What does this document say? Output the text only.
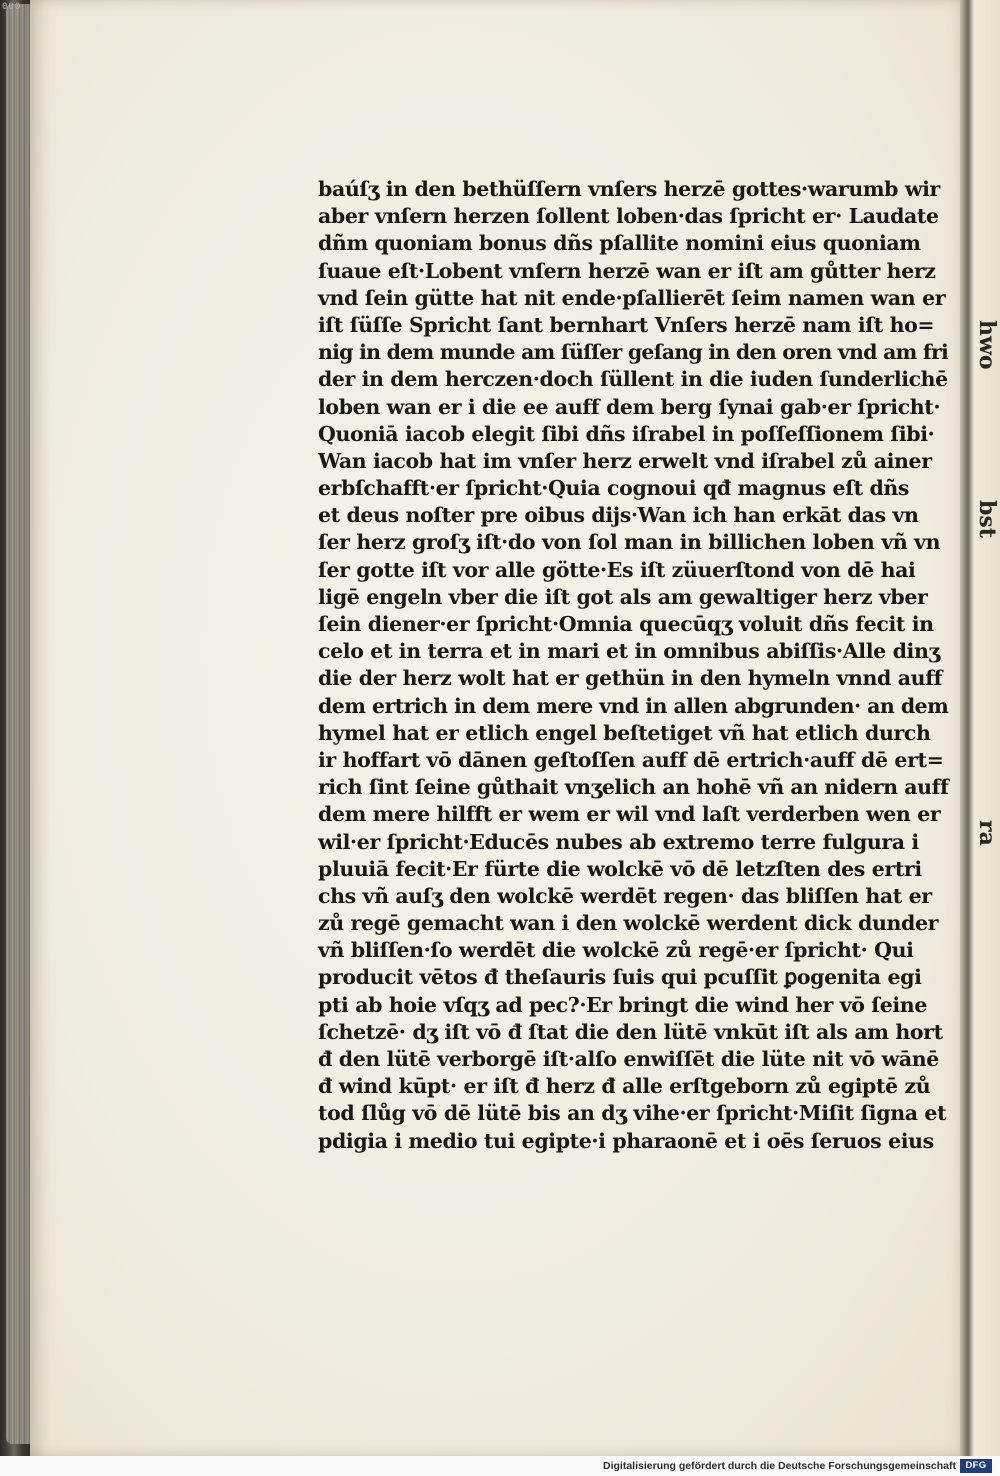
000
baúſʒ in den bethüſſern vnſers herzē gottes·warumb wir
aber vnſern herzen ſollent loben·das ſpricht er· Laudate
dñm quoniam bonus dñs pſallite nomini eius quoniam
ſuaue eſt·Lobent vnſern herzē wan er iſt am gůtter herz
vnd ſein gütte hat nit ende·pſallierēt ſeim namen wan er
iſt ſüſſe Spricht ſant bernhart Vnſers herzē nam iſt ho=
nig in dem munde am ſüſſer geſang in den oren vnd am fri
der in dem herczen·doch ſüllent in die iuden ſunderlichē
loben wan er i die ee auff dem berg ſynai gab·er ſpricht·
Quoniā iacob elegit ſibi dñs iſrabel in poſſeſſionem ſibi·
Wan iacob hat im vnſer herz erwelt vnd iſrabel zů ainer
erbſchafft·er ſpricht·Quia cognoui qđ magnus eſt dñs
et deus noſter pre oibus dijs·Wan ich han erkāt das vn
ſer herz groſʒ iſt·do von ſol man in billichen loben vñ vn
ſer gotte iſt vor alle götte·Es iſt züuerſtond von dē hai
ligē engeln vber die iſt got als am gewaltiger herz vber
ſein diener·er ſpricht·Omnia quecūqʒ voluit dñs fecit in
celo et in terra et in mari et in omnibus abiſſis·Alle dinʒ
die der herz wolt hat er gethün in den hymeln vnnd auff
dem ertrich in dem mere vnd in allen abgrunden· an dem
hymel hat er etlich engel beſtetiget vñ hat etlich durch
ir hoffart vō dānen geſtoſſen auff dē ertrich·auff dē ert=
rich ſint ſeine gůthait vnʒelich an hohē vñ an nidern auff
dem mere hilfft er wem er wil vnd laſt verderben wen er
wil·er ſpricht·Educēs nubes ab extremo terre fulgura i
pluuiā fecit·Er fürte die wolckē vō dē letzſten des ertri
chs vñ auſʒ den wolckē werdēt regen· das bliſſen hat er
zů regē gemacht wan i den wolckē werdent dick dunder
vñ bliſſen·ſo werdēt die wolckē zů regē·er ſpricht· Qui
producit vētos đ theſauris ſuis qui pcuſſit ꝑogenita egi
pti ab hoie vſqʒ ad pec?·Er bringt die wind her vō ſeine
ſchetzē· dʒ iſt vō đ ſtat die den lütē vnkūt iſt als am hort
đ den lütē verborgē iſt·alſo enwiſſēt die lüte nit vō wānē
đ wind kūpt· er iſt đ herz đ alle erſtgeborn zů egiptē zů
tod ſlůg vō dē lütē bis an dʒ vihe·er ſpricht·Miſit ſigna et
pdigia i medio tui egipte·i pharaonē et i oēs ſeruos eius
hwo
bst
ra
Digitalisierung gefördert durch die Deutsche Forschungsgemeinschaft	DFG
